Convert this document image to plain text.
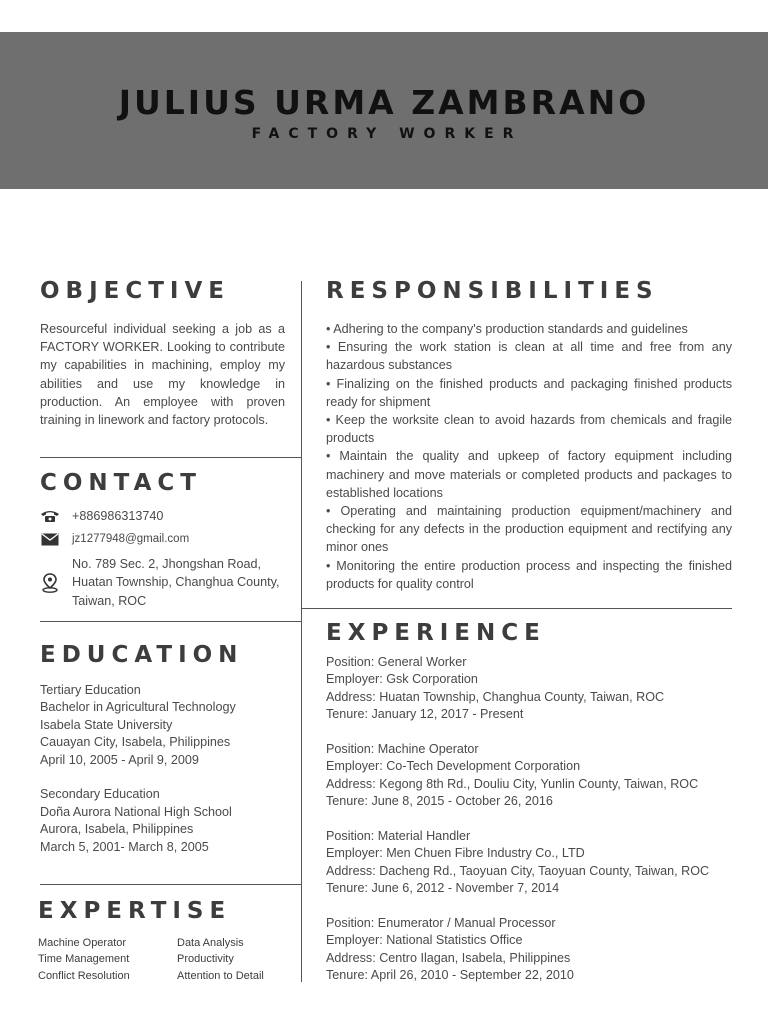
JULIUS URMA ZAMBRANO
FACTORY WORKER
OBJECTIVE
Resourceful individual seeking a job as a FACTORY WORKER. Looking to contribute my capabilities in machining, employ my abilities and use my knowledge in production. An employee with proven training in linework and factory protocols.
CONTACT
+886986313740
jz1277948@gmail.com
No. 789 Sec. 2, Jhongshan Road,
Huatan Township, Changhua County,
Taiwan, ROC
EDUCATION
Tertiary Education
Bachelor in Agricultural Technology
Isabela State University
Cauayan City, Isabela, Philippines
April 10, 2005 - April 9, 2009
Secondary Education
Doña Aurora National High School
Aurora, Isabela, Philippines
March 5, 2001- March 8, 2005
EXPERTISE
Machine Operator
Time Management
Conflict Resolution
Data Analysis
Productivity
Attention to Detail
RESPONSIBILITIES
• Adhering to the company's production standards and guidelines
• Ensuring the work station is clean at all time and free from any hazardous substances
• Finalizing on the finished products and packaging finished products ready for shipment
• Keep the worksite clean to avoid hazards from chemicals and fragile products
• Maintain the quality and upkeep of factory equipment including machinery and move materials or completed products and packages to established locations
• Operating and maintaining production equipment/machinery and checking for any defects in the production equipment and rectifying any minor ones
• Monitoring the entire production process and inspecting the finished products for quality control
EXPERIENCE
Position: General Worker
Employer: Gsk Corporation
Address: Huatan Township, Changhua County, Taiwan, ROC
Tenure: January 12, 2017 - Present
Position: Machine Operator
Employer: Co-Tech Development Corporation
Address: Kegong 8th Rd., Douliu City, Yunlin County, Taiwan, ROC
Tenure: June 8, 2015 - October 26, 2016
Position: Material Handler
Employer: Men Chuen Fibre Industry Co., LTD
Address: Dacheng Rd., Taoyuan City, Taoyuan County, Taiwan, ROC
Tenure: June 6, 2012 - November 7, 2014
Position: Enumerator / Manual Processor
Employer: National Statistics Office
Address: Centro Ilagan, Isabela, Philippines
Tenure: April 26, 2010 - September 22, 2010
